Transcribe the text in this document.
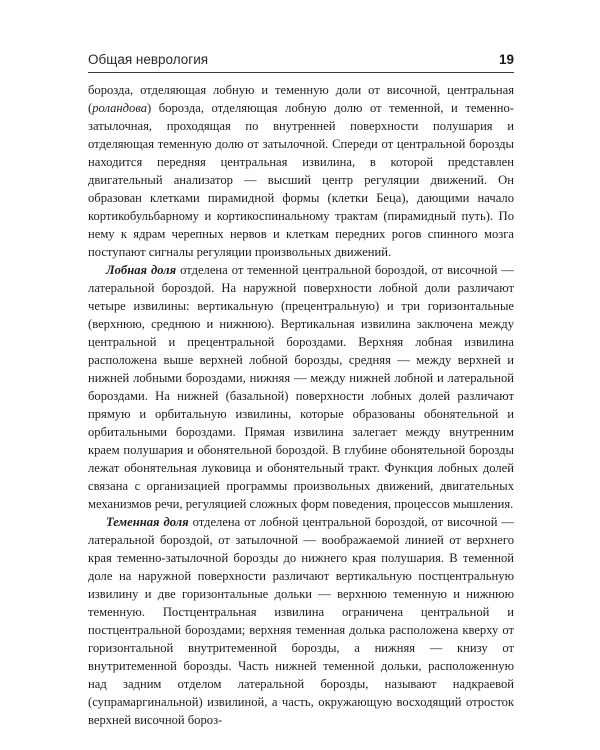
Общая неврология	19

борозда, отделяющая лобную и теменную доли от височной, центральная (роландова) борозда, отделяющая лобную долю от теменной, и теменно-затылочная, проходящая по внутренней поверхности полушария и отделяющая теменную долю от затылочной. Спереди от центральной борозды находится передняя центральная извилина, в которой представлен двигательный анализатор — высший центр регуляции движений. Он образован клетками пирамидной формы (клетки Беца), дающими начало кортикобульбарному и кортикоспинальному трактам (пирамидный путь). По нему к ядрам черепных нервов и клеткам передних рогов спинного мозга поступают сигналы регуляции произвольных движений.

Лобная доля отделена от теменной центральной бороздой, от височной — латеральной бороздой. На наружной поверхности лобной доли различают четыре извилины: вертикальную (прецентральную) и три горизонтальные (верхнюю, среднюю и нижнюю). Вертикальная извилина заключена между центральной и прецентральной бороздами. Верхняя лобная извилина расположена выше верхней лобной борозды, средняя — между верхней и нижней лобными бороздами, нижняя — между нижней лобной и латеральной бороздами. На нижней (базальной) поверхности лобных долей различают прямую и орбитальную извилины, которые образованы обонятельной и орбитальными бороздами. Прямая извилина залегает между внутренним краем полушария и обонятельной бороздой. В глубине обонятельной борозды лежат обонятельная луковица и обонятельный тракт. Функция лобных долей связана с организацией программы произвольных движений, двигательных механизмов речи, регуляцией сложных форм поведения, процессов мышления.

Теменная доля отделена от лобной центральной бороздой, от височной — латеральной бороздой, от затылочной — воображаемой линией от верхнего края теменно-затылочной борозды до нижнего края полушария. В теменной доле на наружной поверхности различают вертикальную постцентральную извилину и две горизонтальные дольки — верхнюю теменную и нижнюю теменную. Постцентральная извилина ограничена центральной и постцентральной бороздами; верхняя теменная долька расположена кверху от горизонтальной внутритеменной борозды, а нижняя — книзу от внутритеменной борозды. Часть нижней теменной дольки, расположенную над задним отделом латеральной борозды, называют надкраевой (супрамаргинальной) извилиной, а часть, окружающую восходящий отросток верхней височной бороз-
